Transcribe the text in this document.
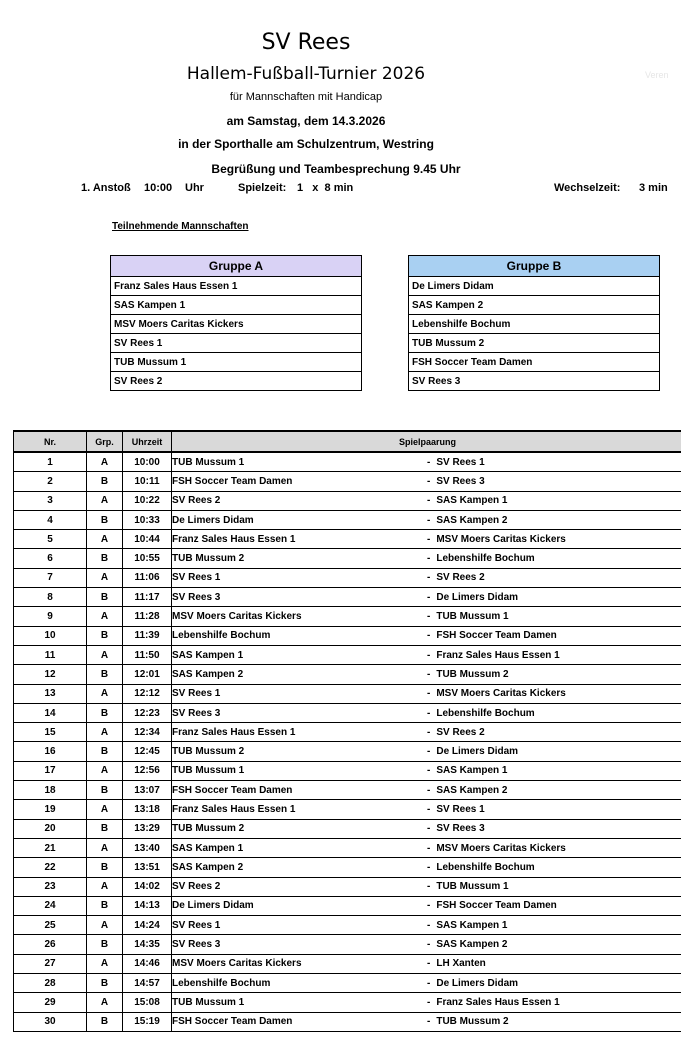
SV Rees
Hallem-Fußball-Turnier 2026
für Mannschaften mit Handicap
am Samstag, dem 14.3.2026
in der Sporthalle am Schulzentrum, Westring
Begrüßung und Teambesprechung 9.45 Uhr
Veren
1. Anstoß 10:00 Uhr	Spielzeit: 1   x  8 min	Wechselzeit: 3 min
Teilnehmende Mannschaften
Gruppe A
Franz Sales Haus Essen 1
SAS Kampen 1
MSV Moers Caritas Kickers
SV Rees 1
TUB Mussum 1
SV Rees 2
Gruppe B
De Limers Didam
SAS Kampen 2
Lebenshilfe Bochum
TUB Mussum 2
FSH Soccer Team Damen
SV Rees 3
Nr.	Grp.	Uhrzeit	Spielpaarung
1	A	10:00	TUB Mussum 1 - SV Rees 1
2	B	10:11	FSH Soccer Team Damen - SV Rees 3
3	A	10:22	SV Rees 2 - SAS Kampen 1
4	B	10:33	De Limers Didam - SAS Kampen 2
5	A	10:44	Franz Sales Haus Essen 1 - MSV Moers Caritas Kickers
6	B	10:55	TUB Mussum 2 - Lebenshilfe Bochum
7	A	11:06	SV Rees 1 - SV Rees 2
8	B	11:17	SV Rees 3 - De Limers Didam
9	A	11:28	MSV Moers Caritas Kickers - TUB Mussum 1
10	B	11:39	Lebenshilfe Bochum - FSH Soccer Team Damen
11	A	11:50	SAS Kampen 1 - Franz Sales Haus Essen 1
12	B	12:01	SAS Kampen 2 - TUB Mussum 2
13	A	12:12	SV Rees 1 - MSV Moers Caritas Kickers
14	B	12:23	SV Rees 3 - Lebenshilfe Bochum
15	A	12:34	Franz Sales Haus Essen 1 - SV Rees 2
16	B	12:45	TUB Mussum 2 - De Limers Didam
17	A	12:56	TUB Mussum 1 - SAS Kampen 1
18	B	13:07	FSH Soccer Team Damen - SAS Kampen 2
19	A	13:18	Franz Sales Haus Essen 1 - SV Rees 1
20	B	13:29	TUB Mussum 2 - SV Rees 3
21	A	13:40	SAS Kampen 1 - MSV Moers Caritas Kickers
22	B	13:51	SAS Kampen 2 - Lebenshilfe Bochum
23	A	14:02	SV Rees 2 - TUB Mussum 1
24	B	14:13	De Limers Didam - FSH Soccer Team Damen
25	A	14:24	SV Rees 1 - SAS Kampen 1
26	B	14:35	SV Rees 3 - SAS Kampen 2
27	A	14:46	MSV Moers Caritas Kickers - LH Xanten
28	B	14:57	Lebenshilfe Bochum - De Limers Didam
29	A	15:08	TUB Mussum 1 - Franz Sales Haus Essen 1
30	B	15:19	FSH Soccer Team Damen - TUB Mussum 2
